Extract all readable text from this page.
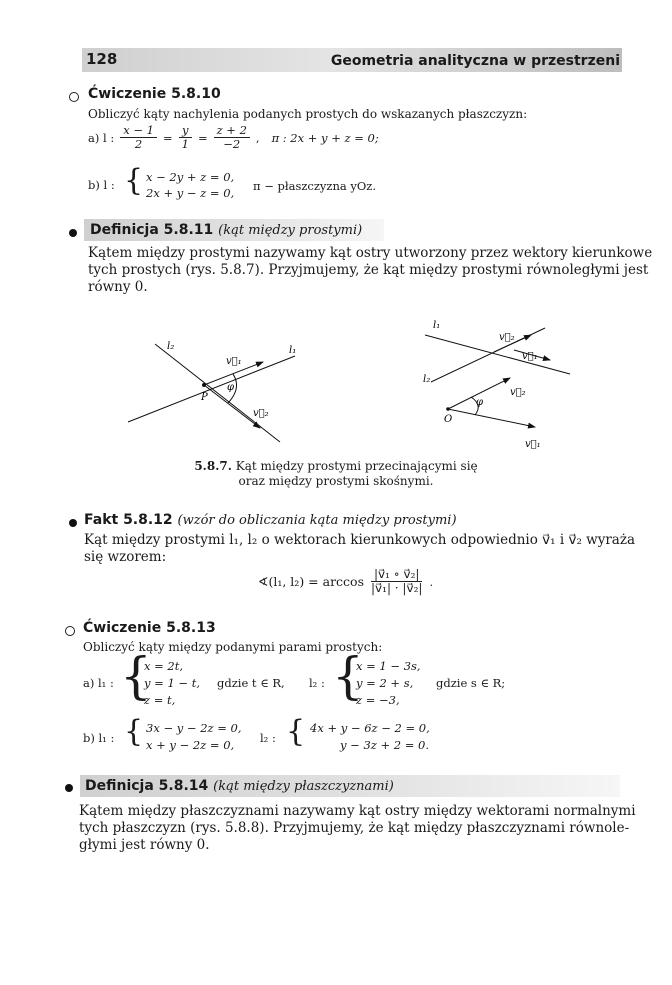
128	Geometria analityczna w przestrzeni
Ćwiczenie 5.8.10
Obliczyć kąty nachylenia podanych prostych do wskazanych płaszczyzn:
a) l : $\frac{x - 1}{2} = \frac{y}{1} = \frac{z + 2}{-2}$ , π : 2x + y + z = 0;
b) l : { x − 2y + z = 0,
2x + y − z = 0, π − płaszczyzna yOz.
Definicja 5.8.11 (kąt między prostymi)
Kątem między prostymi nazywamy kąt ostry utworzony przez wektory kierunkowe
tych prostych (rys. 5.8.7). Przyjmujemy, że kąt między prostymi równoległymi jest
równy 0.
l₂	l₁
v⃗₁
v⃗₂
φ
P
l₁
l₂
v⃗₂
v⃗₁
v⃗₂
v⃗₁
φ
O
5.8.7. Kąt między prostymi przecinającymi się
oraz między prostymi skośnymi.
Fakt 5.8.12 (wzór do obliczania kąta między prostymi)
Kąt między prostymi l₁, l₂ o wektorach kierunkowych odpowiednio v⃗₁ i v⃗₂ wyraża
się wzorem:
∢(l₁, $l_2) = \arccos \frac{\text{|v⃗₁ ∘ v⃗₂|}}{\text{|v⃗₁| · |v⃗₂|}}$ .
Ćwiczenie 5.8.13
Obliczyć kąty między podanymi parami prostych:
a) l₁ : {
x = 2t,
y = 1 − t,
z = t,
gdzie t ∈ R, l₂ : {
x = 1 − 3s,
y = 2 + s,
z = −3,
gdzie s ∈ R;
b) l₁ : { 3x − y − 2z = 0,
x + y − 2z = 0, l₂ : { 4x + y − 6z − 2 = 0,
y − 3z + 2 = 0.
Definicja 5.8.14 (kąt między płaszczyznami)
Kątem między płaszczyznami nazywamy kąt ostry między wektorami normalnymi
tych płaszczyzn (rys. 5.8.8). Przyjmujemy, że kąt między płaszczyznami równole-
głymi jest równy 0.
